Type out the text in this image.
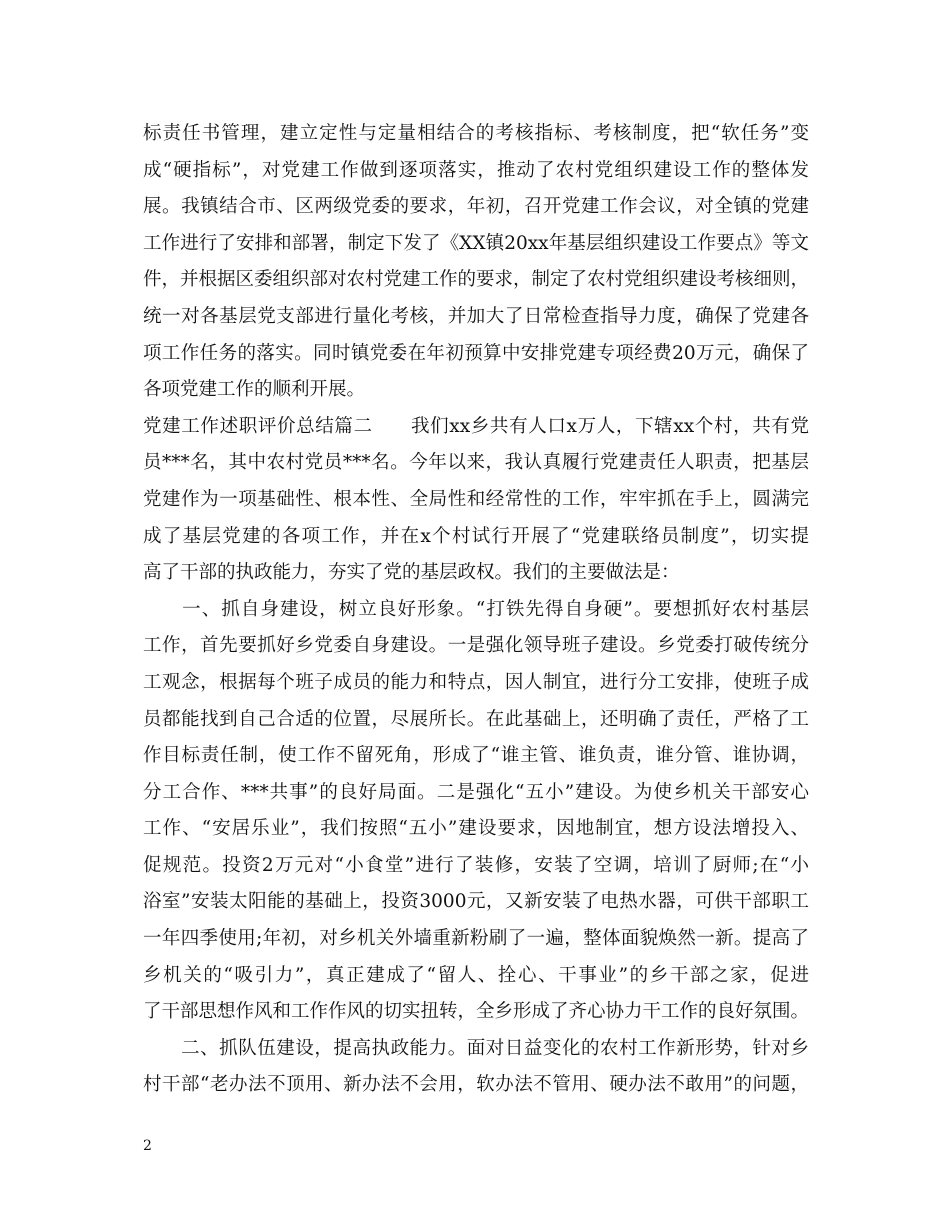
标责任书管理，建立定性与定量相结合的考核指标、考核制度，把“软任务”变
成“硬指标”，对党建工作做到逐项落实，推动了农村党组织建设工作的整体发
展。我镇结合市、区两级党委的要求，年初，召开党建工作会议，对全镇的党建
工作进行了安排和部署，制定下发了《XX镇20xx年基层组织建设工作要点》等文
件，并根据区委组织部对农村党建工作的要求，制定了农村党组织建设考核细则，
统一对各基层党支部进行量化考核，并加大了日常检查指导力度，确保了党建各
项工作任务的落实。同时镇党委在年初预算中安排党建专项经费20万元，确保了
各项党建工作的顺利开展。
党建工作述职评价总结篇二　　我们xx乡共有人口x万人，下辖xx个村，共有党
员***名，其中农村党员***名。今年以来，我认真履行党建责任人职责，把基层
党建作为一项基础性、根本性、全局性和经常性的工作，牢牢抓在手上，圆满完
成了基层党建的各项工作，并在x个村试行开展了“党建联络员制度”，切实提
高了干部的执政能力，夯实了党的基层政权。我们的主要做法是：
　　一、抓自身建设，树立良好形象。“打铁先得自身硬”。要想抓好农村基层
工作，首先要抓好乡党委自身建设。一是强化领导班子建设。乡党委打破传统分
工观念，根据每个班子成员的能力和特点，因人制宜，进行分工安排，使班子成
员都能找到自己合适的位置，尽展所长。在此基础上，还明确了责任，严格了工
作目标责任制，使工作不留死角，形成了“谁主管、谁负责，谁分管、谁协调，
分工合作、***共事”的良好局面。二是强化“五小”建设。为使乡机关干部安心
工作、“安居乐业”，我们按照“五小”建设要求，因地制宜，想方设法增投入、
促规范。投资2万元对“小食堂”进行了装修，安装了空调，培训了厨师;在“小
浴室”安装太阳能的基础上，投资3000元，又新安装了电热水器，可供干部职工
一年四季使用;年初，对乡机关外墙重新粉刷了一遍，整体面貌焕然一新。提高了
乡机关的“吸引力”，真正建成了“留人、拴心、干事业”的乡干部之家，促进
了干部思想作风和工作作风的切实扭转，全乡形成了齐心协力干工作的良好氛围。
　　二、抓队伍建设，提高执政能力。面对日益变化的农村工作新形势，针对乡
村干部“老办法不顶用、新办法不会用，软办法不管用、硬办法不敢用”的问题，
2
